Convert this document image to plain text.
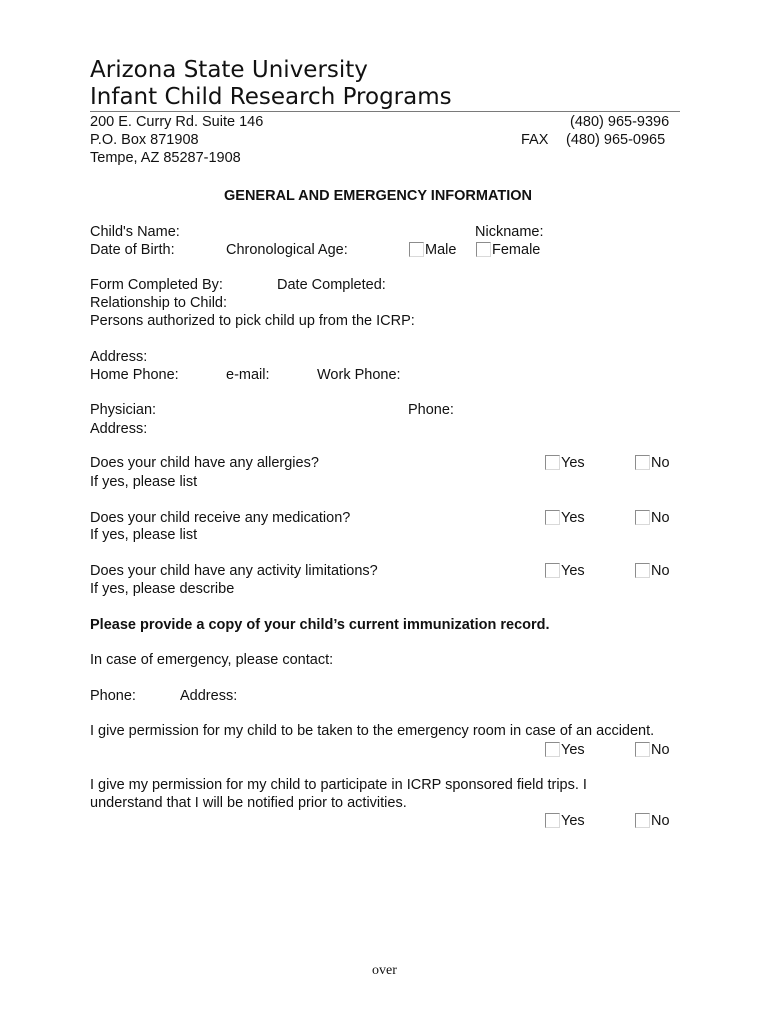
Arizona State University
Infant Child Research Programs
200 E. Curry Rd. Suite 146
P.O. Box 871908
Tempe, AZ 85287-1908
(480) 965-9396
FAX (480) 965-0965
GENERAL AND EMERGENCY INFORMATION
Child's Name:	Nickname:
Date of Birth:	Chronological Age:	Male Female
Form Completed By:	Date Completed:
Relationship to Child:
Persons authorized to pick child up from the ICRP:
Address:
Home Phone:	e-mail:	Work Phone:
Physician:	Phone:
Address:
Does your child have any allergies?
If yes, please list
Yes	No
Does your child receive any medication?
If yes, please list
Yes	No
Does your child have any activity limitations?
If yes, please describe
Yes	No
Please provide a copy of your child’s current immunization record.
In case of emergency, please contact:
Phone:	Address:
I give permission for my child to be taken to the emergency room in case of an accident.
Yes	No
I give my permission for my child to participate in ICRP sponsored field trips. I
understand that I will be notified prior to activities.
Yes	No
over
